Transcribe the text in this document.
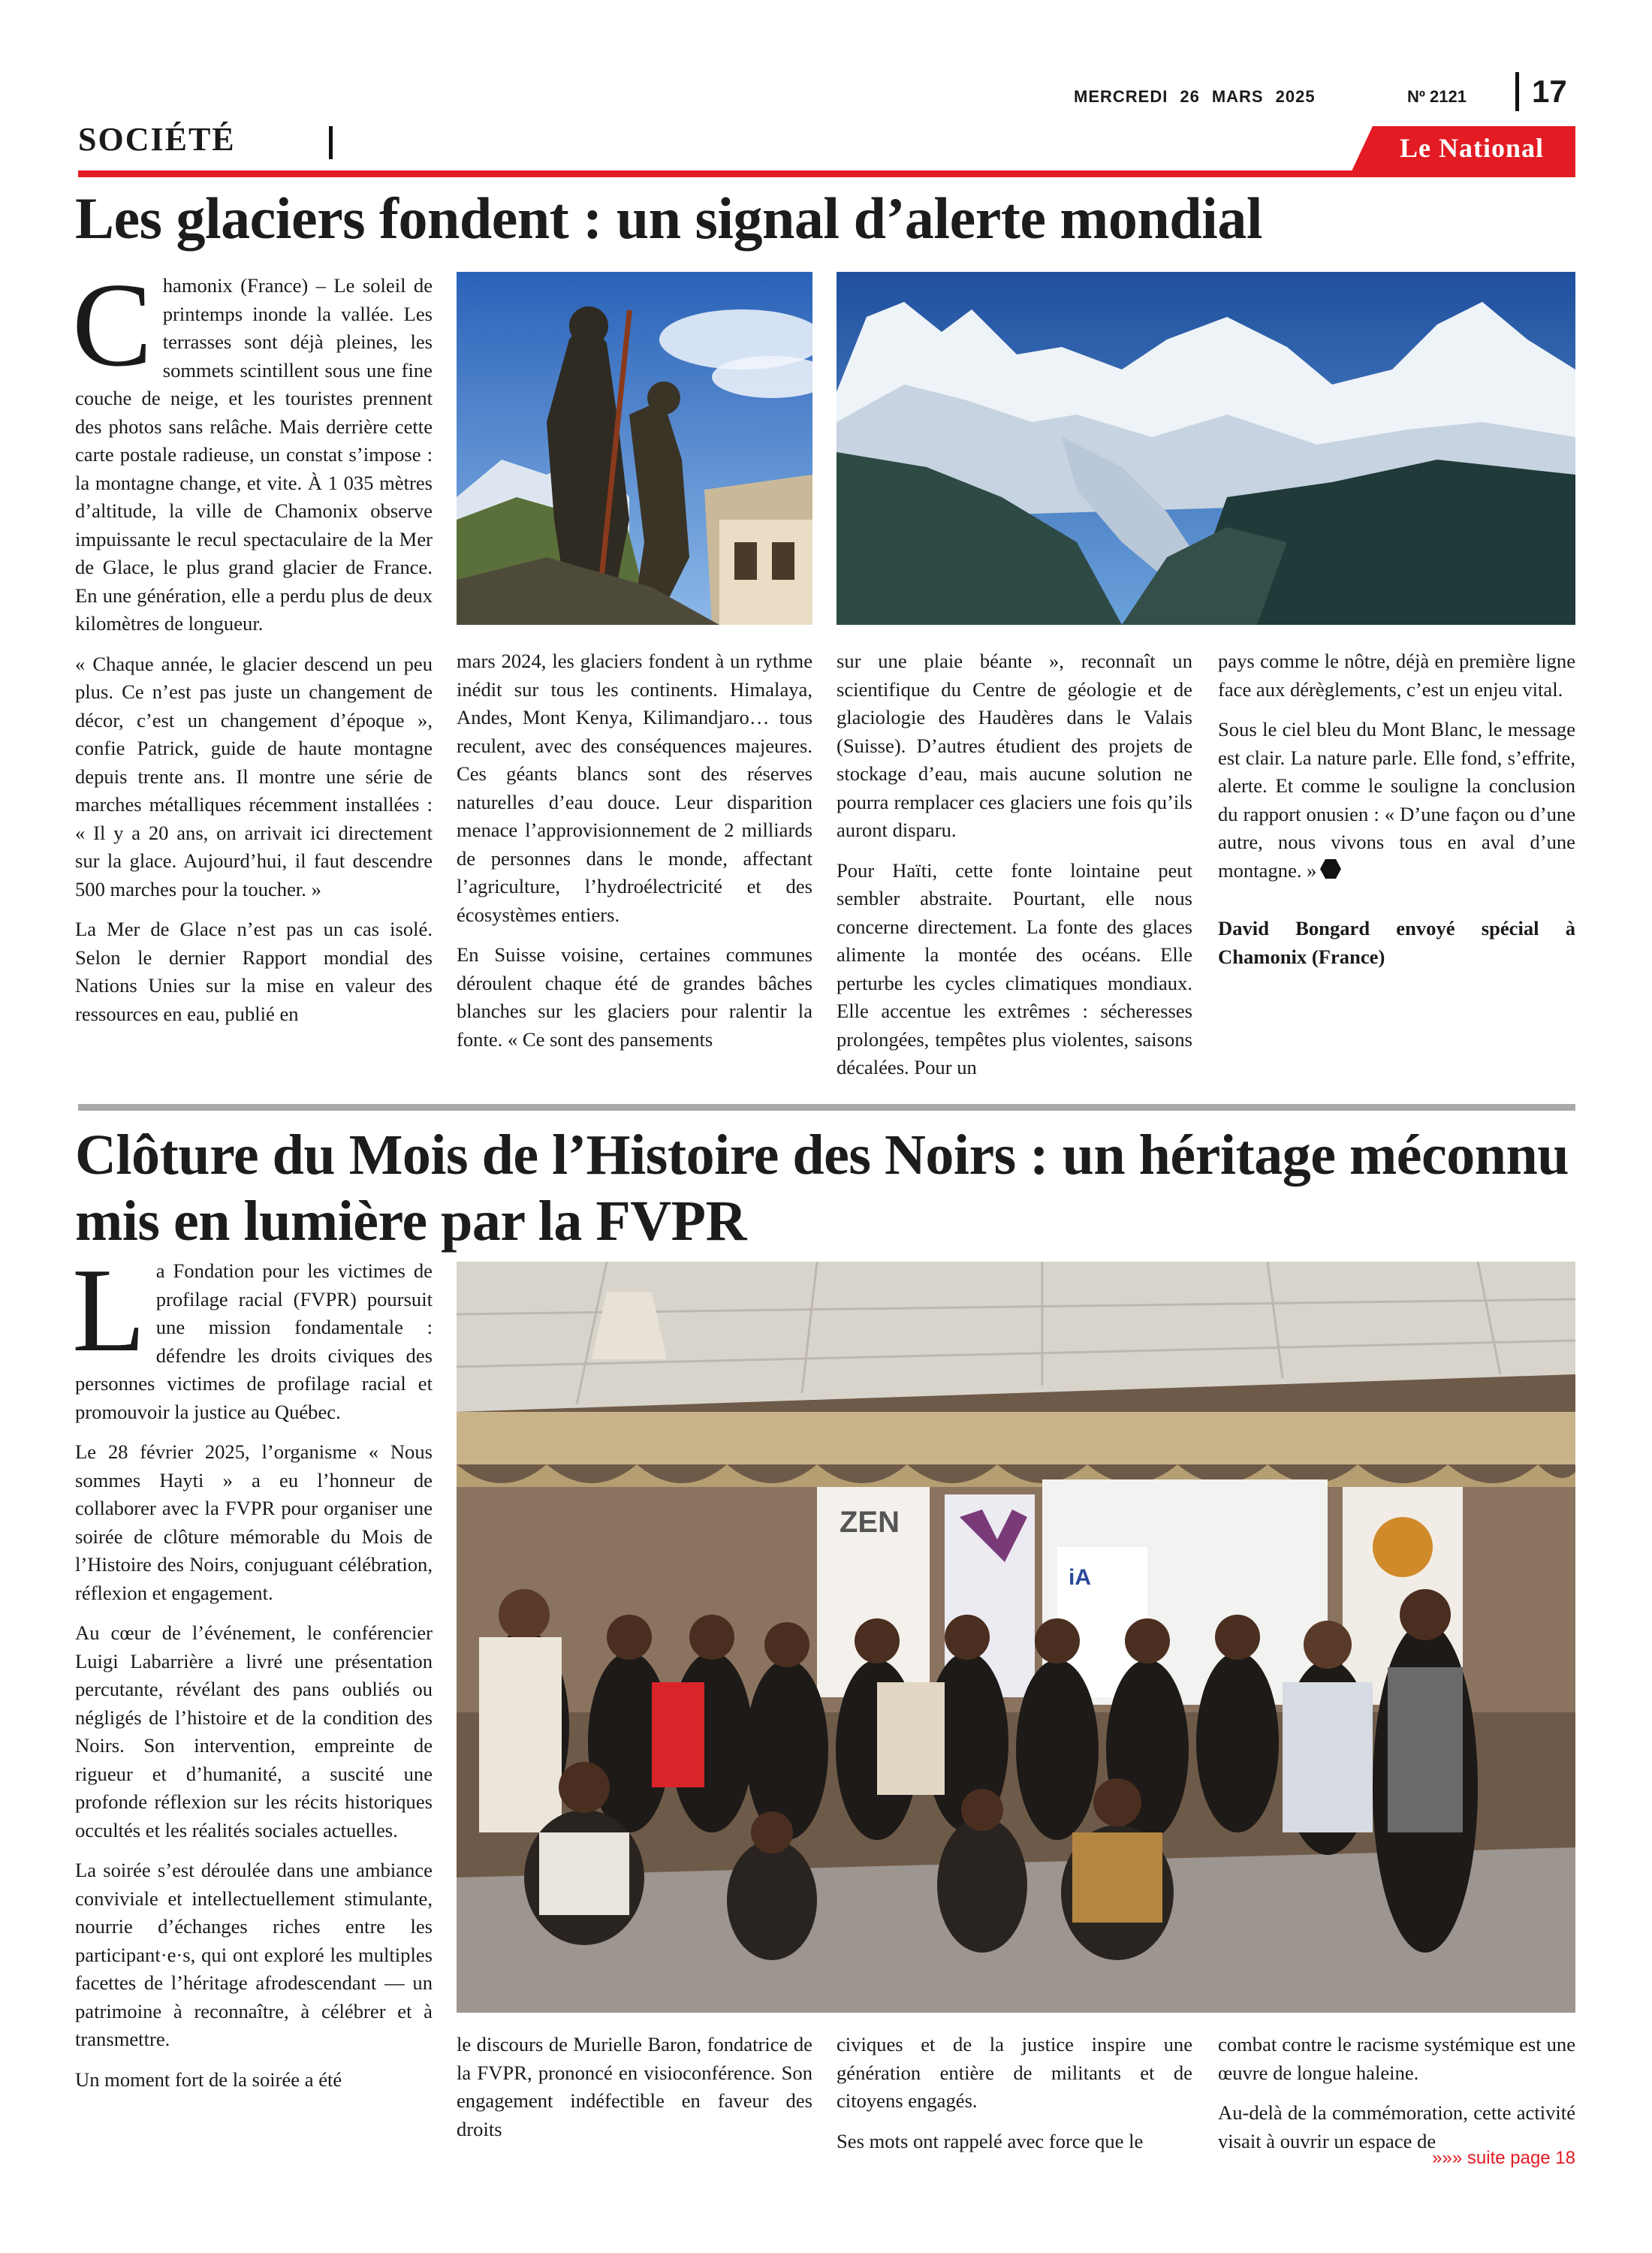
MERCREDI 26 MARS 2025	Nº 2121 17
SOCIÉTÉ	Le National
Les glaciers fondent : un signal d’alerte mondial
C hamonix (France) – Le soleil de printemps inonde la vallée. Les terrasses sont déjà pleines, les sommets scintillent sous une fine couche de neige, et les touristes prennent des photos sans relâche. Mais derrière cette carte postale radieuse, un constat s’impose : la montagne change, et vite. À 1 035 mètres d’altitude, la ville de Chamonix observe impuissante le recul spectaculaire de la Mer de Glace, le plus grand glacier de France. En une génération, elle a perdu plus de deux kilomètres de longueur.

« Chaque année, le glacier descend un peu plus. Ce n’est pas juste un changement de décor, c’est un changement d’époque », confie Patrick, guide de haute montagne depuis trente ans. Il montre une série de marches métalliques récemment installées : « Il y a 20 ans, on arrivait ici directement sur la glace. Aujourd’hui, il faut descendre 500 marches pour la toucher. »

La Mer de Glace n’est pas un cas isolé. Selon le dernier Rapport mondial des Nations Unies sur la mise en valeur des ressources en eau, publié en

mars 2024, les glaciers fondent à un rythme inédit sur tous les continents. Himalaya, Andes, Mont Kenya, Kilimandjaro… tous reculent, avec des conséquences majeures. Ces géants blancs sont des réserves naturelles d’eau douce. Leur disparition menace l’approvisionnement de 2 milliards de personnes dans le monde, affectant l’agriculture, l’hydroélectricité et des écosystèmes entiers.

En Suisse voisine, certaines communes déroulent chaque été de grandes bâches blanches sur les glaciers pour ralentir la fonte. « Ce sont des pansements

sur une plaie béante », reconnaît un scientifique du Centre de géologie et de glaciologie des Haudères dans le Valais (Suisse). D’autres étudient des projets de stockage d’eau, mais aucune solution ne pourra remplacer ces glaciers une fois qu’ils auront disparu.

Pour Haïti, cette fonte lointaine peut sembler abstraite. Pourtant, elle nous concerne directement. La fonte des glaces alimente la montée des océans. Elle perturbe les cycles climatiques mondiaux. Elle accentue les extrêmes : sécheresses prolongées, tempêtes plus violentes, saisons décalées. Pour un

pays comme le nôtre, déjà en première ligne face aux dérèglements, c’est un enjeu vital.

Sous le ciel bleu du Mont Blanc, le message est clair. La nature parle. Elle fond, s’effrite, alerte. Et comme le souligne la conclusion du rapport onusien : « D’une façon ou d’une autre, nous vivons tous en aval d’une montagne. »

David Bongard envoyé spécial à Chamonix (France)

Clôture du Mois de l’Histoire des Noirs : un héritage méconnu mis en lumière par la FVPR
L a Fondation pour les victimes de profilage racial (FVPR) poursuit une mission fondamentale : défendre les droits civiques des personnes victimes de profilage racial et promouvoir la justice au Québec.

Le 28 février 2025, l’organisme « Nous sommes Hayti » a eu l’honneur de collaborer avec la FVPR pour organiser une soirée de clôture mémorable du Mois de l’Histoire des Noirs, conjuguant célébration, réflexion et engagement.

Au cœur de l’événement, le conférencier Luigi Labarrière a livré une présentation percutante, révélant des pans oubliés ou négligés de l’histoire et de la condition des Noirs. Son intervention, empreinte de rigueur et d’humanité, a suscité une profonde réflexion sur les récits historiques occultés et les réalités sociales actuelles.

La soirée s’est déroulée dans une ambiance conviviale et intellectuellement stimulante, nourrie d’échanges riches entre les participant·e·s, qui ont exploré les multiples facettes de l’héritage afrodescendant — un patrimoine à reconnaître, à célébrer et à transmettre.

Un moment fort de la soirée a été

ZEN
iA

le discours de Murielle Baron, fondatrice de la FVPR, prononcé en visioconférence. Son engagement indéfectible en faveur des droits

civiques et de la justice inspire une génération entière de militants et de citoyens engagés.

Ses mots ont rappelé avec force que le

combat contre le racisme systémique est une œuvre de longue haleine.

Au-delà de la commémoration, cette activité visait à ouvrir un espace de

»»» suite page 18
